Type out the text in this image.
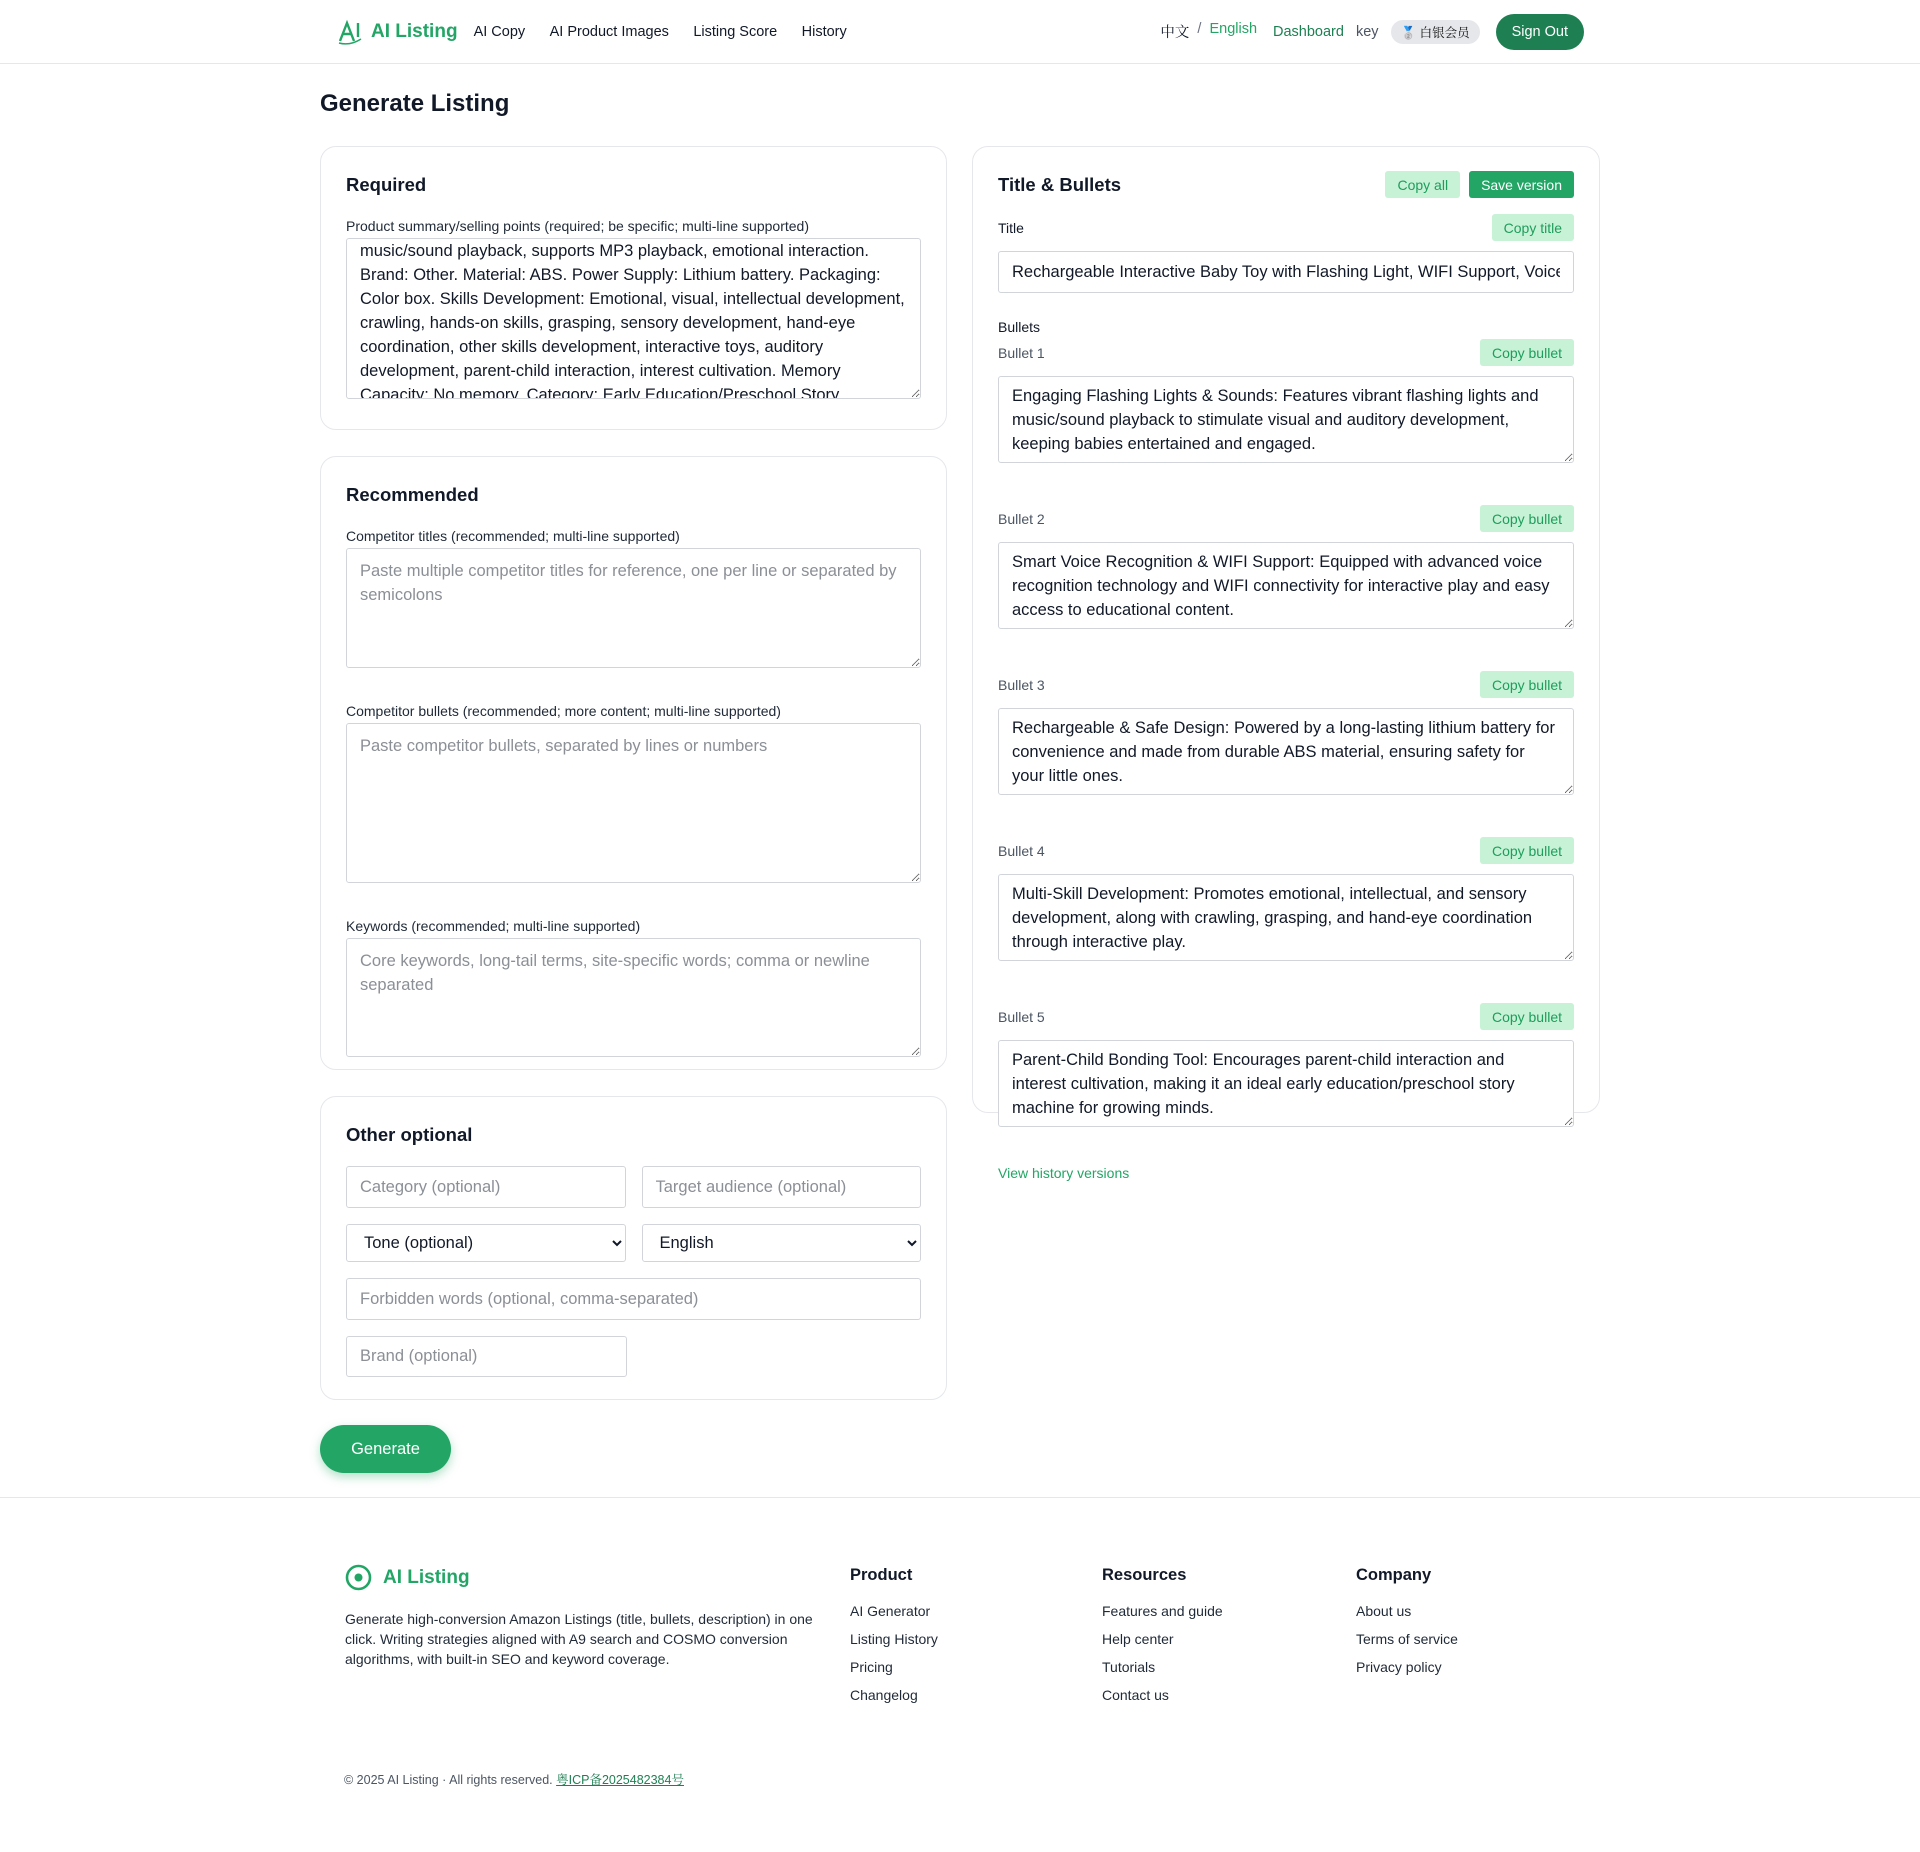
AI Listing AI Copy AI Product Images Listing Score History	中文 / English Dashboard key	🥈 白银会员	Sign Out
Generate Listing
Required
Product summary/selling points (required; be specific; multi-line supported)
music/sound playback, supports MP3 playback, emotional interaction. Brand: Other. Material: ABS. Power Supply: Lithium battery. Packaging: Color box. Skills Development: Emotional, visual, intellectual development, crawling, hands-on skills, grasping, sensory development, hand-eye coordination, other skills development, interactive toys, auditory development, parent-child interaction, interest cultivation. Memory Capacity: No memory. Category: Early Education/Preschool Story Machine.
Recommended
Competitor titles (recommended; multi-line supported)
Paste multiple competitor titles for reference, one per line or separated by semicolons
Competitor bullets (recommended; more content; multi-line supported)
Paste competitor bullets, separated by lines or numbers
Keywords (recommended; multi-line supported)
Core keywords, long-tail terms, site-specific words; comma or newline separated
Other optional
Category (optional)
Target audience (optional)
Tone (optional)
English
Forbidden words (optional, comma-separated)
Brand (optional)
Generate
Title & Bullets	Copy all	Save version
Title	Copy title
Rechargeable Interactive Baby Toy with Flashing Light, WIFI Support, Voice Recognition
Bullets
Bullet 1	Copy bullet
Engaging Flashing Lights & Sounds: Features vibrant flashing lights and music/sound playback to stimulate visual and auditory development, keeping babies entertained and engaged.
Bullet 2	Copy bullet
Smart Voice Recognition & WIFI Support: Equipped with advanced voice recognition technology and WIFI connectivity for interactive play and easy access to educational content.
Bullet 3	Copy bullet
Rechargeable & Safe Design: Powered by a long-lasting lithium battery for convenience and made from durable ABS material, ensuring safety for your little ones.
Bullet 4	Copy bullet
Multi-Skill Development: Promotes emotional, intellectual, and sensory development, along with crawling, grasping, and hand-eye coordination through interactive play.
Bullet 5	Copy bullet
Parent-Child Bonding Tool: Encourages parent-child interaction and interest cultivation, making it an ideal early education/preschool story machine for growing minds.
View history versions
AI Listing

Generate high-conversion Amazon Listings (title, bullets, description) in one click. Writing strategies aligned with A9 search and COSMO conversion algorithms, with built-in SEO and keyword coverage.

Product
AI Generator
Listing History
Pricing
Changelog
Resources
Features and guide
Help center
Tutorials
Contact us
Company
About us
Terms of service
Privacy policy
© 2025 AI Listing · All rights reserved. 粤ICP备2025482384号
